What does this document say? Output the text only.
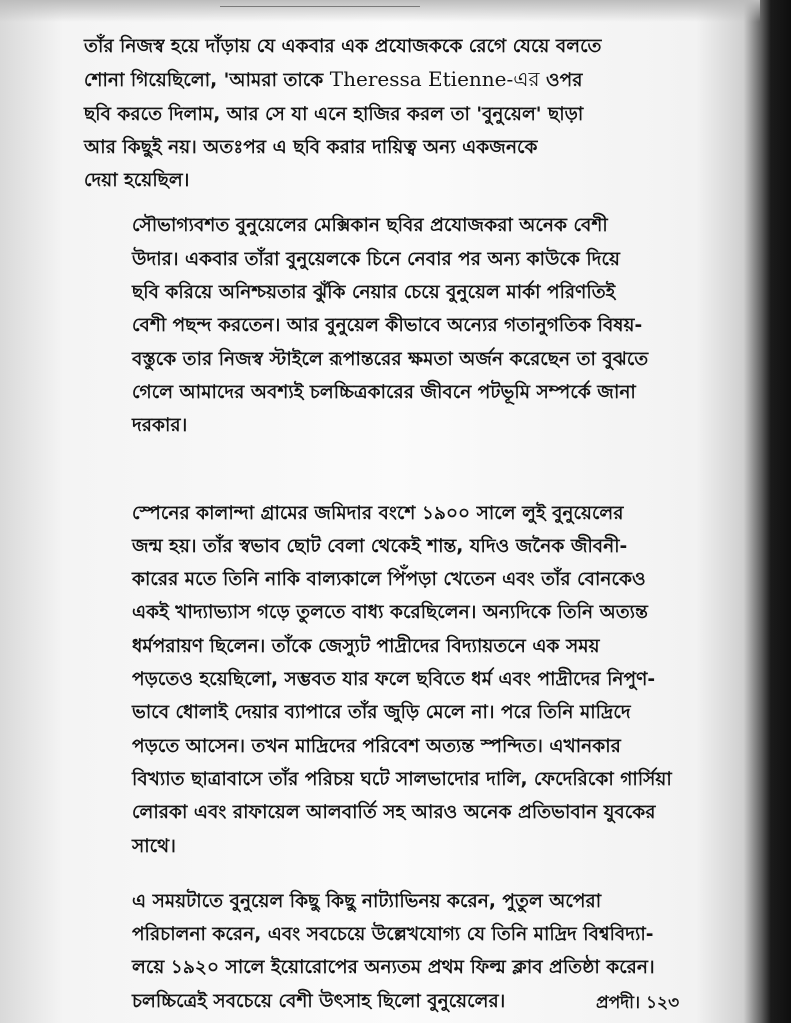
তাঁর নিজস্ব হয়ে দাঁড়ায় যে একবার এক প্রযোজককে রেগে যেয়ে বলতে
শোনা গিয়েছিলো, 'আমরা তাকে Theressa Etienne-এর ওপর
ছবি করতে দিলাম, আর সে যা এনে হাজির করল তা 'বুনুয়েল' ছাড়া
আর কিছুই নয়। অতঃপর এ ছবি করার দায়িত্ব অন্য একজনকে
দেয়া হয়েছিল।

সৌভাগ্যবশত বুনুয়েলের মেক্সিকান ছবির প্রযোজকরা অনেক বেশী
উদার। একবার তাঁরা বুনুয়েলকে চিনে নেবার পর অন্য কাউকে দিয়ে
ছবি করিয়ে অনিশ্চয়তার ঝুঁকি নেয়ার চেয়ে বুনুয়েল মার্কা পরিণতিই
বেশী পছন্দ করতেন। আর বুনুয়েল কীভাবে অন্যের গতানুগতিক বিষয়-
বস্তুকে তার নিজস্ব স্টাইলে রূপান্তরের ক্ষমতা অর্জন করেছেন তা বুঝতে
গেলে আমাদের অবশ্যই চলচ্চিত্রকারের জীবনে পটভূমি সম্পর্কে জানা
দরকার।

স্পেনের কালান্দা গ্রামের জমিদার বংশে ১৯০০ সালে লুই বুনুয়েলের
জন্ম হয়। তাঁর স্বভাব ছোট বেলা থেকেই শান্ত, যদিও জনৈক জীবনী-
কারের মতে তিনি নাকি বাল্যকালে পিঁপড়া খেতেন এবং তাঁর বোনকেও
একই খাদ্যাভ্যাস গড়ে তুলতে বাধ্য করেছিলেন। অন্যদিকে তিনি অত্যন্ত
ধর্মপরায়ণ ছিলেন। তাঁকে জেস্যুট পাদ্রীদের বিদ্যায়তনে এক সময়
পড়তেও হয়েছিলো, সম্ভবত যার ফলে ছবিতে ধর্ম এবং পাদ্রীদের নিপুণ-
ভাবে ধোলাই দেয়ার ব্যাপারে তাঁর জুড়ি মেলে না। পরে তিনি মাদ্রিদে
পড়তে আসেন। তখন মাদ্রিদের পরিবেশ অত্যন্ত স্পন্দিত। এখানকার
বিখ্যাত ছাত্রাবাসে তাঁর পরিচয় ঘটে সালভাদোর দালি, ফেদেরিকো গার্সিয়া
লোরকা এবং রাফায়েল আলবার্তি সহ আরও অনেক প্রতিভাবান যুবকের
সাথে।

এ সময়টাতে বুনুয়েল কিছু কিছু নাট্যাভিনয় করেন, পুতুল অপেরা
পরিচালনা করেন, এবং সবচেয়ে উল্লেখযোগ্য যে তিনি মাদ্রিদ বিশ্ববিদ্যা-
লয়ে ১৯২০ সালে ইয়োরোপের অন্যতম প্রথম ফিল্ম ক্লাব প্রতিষ্ঠা করেন।
চলচ্চিত্রেই সবচেয়ে বেশী উৎসাহ ছিলো বুনুয়েলের।	প্রপদী। ১২৩
